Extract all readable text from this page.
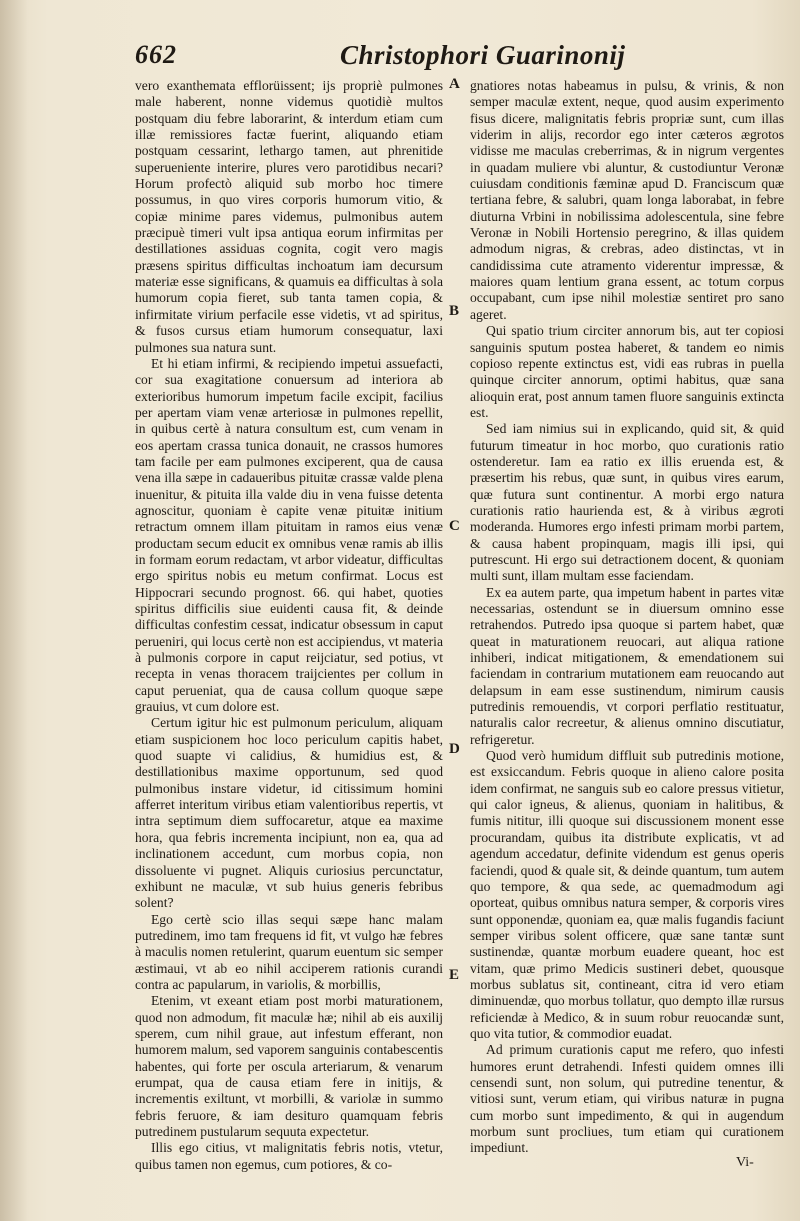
662	Christophori Guarinonij

vero exanthemata efflorüissent; ijs propriè pulmones male haberent, nonne videmus quotidiè multos postquam diu febre laborarint, & interdum etiam cum illæ remissiores factæ fuerint, aliquando etiam postquam cessarint, lethargo tamen, aut phrenitide superueniente interire, plures vero parotidibus necari? Horum profectò aliquid sub morbo hoc timere possumus, in quo vires corporis humorum vitio, & copiæ minime pares videmus, pulmonibus autem præcipuè timeri vult ipsa antiqua eorum infirmitas per destillationes assiduas cognita, cogit vero magis præsens spiritus difficultas inchoatum iam decursum materiæ esse significans, & quamuis ea difficultas à sola humorum copia fieret, sub tanta tamen copia, & infirmitate virium perfacile esse videtis, vt ad spiritus, & fusos cursus etiam humorum consequatur, laxi pulmones sua natura sunt.

Et hi etiam infirmi, & recipiendo impetui assuefacti, cor sua exagitatione conuersum ad interiora ab exterioribus humorum impetum facile excipit, facilius per apertam viam venæ arteriosæ in pulmones repellit, in quibus certè à natura consultum est, cum venam in eos apertam crassa tunica donauit, ne crassos humores tam facile per eam pulmones exciperent, qua de causa vena illa sæpe in cadaueribus pituitæ crassæ valde plena inuenitur, & pituita illa valde diu in vena fuisse detenta agnoscitur, quoniam è capite venæ pituitæ initium retractum omnem illam pituitam in ramos eius venæ productam secum educit ex omnibus venæ ramis ab illis in formam eorum redactam, vt arbor videatur, difficultas ergo spiritus nobis eu metum confirmat. Locus est Hippocrari secundo prognost. 66. qui habet, quoties spiritus difficilis siue euidenti causa fit, & deinde difficultas confestim cessat, indicatur obsessum in caput perueniri, qui locus certè non est accipiendus, vt materia à pulmonis corpore in caput reijciatur, sed potius, vt recepta in venas thoracem traijcientes per collum in caput perueniat, qua de causa collum quoque sæpe grauius, vt cum dolore est.

Certum igitur hic est pulmonum periculum, aliquam etiam suspicionem hoc loco periculum capitis habet, quod suapte vi calidius, & humidius est, & destillationibus maxime opportunum, sed quod pulmonibus instare videtur, id citissimum homini afferret interitum viribus etiam valentioribus repertis, vt intra septimum diem suffocaretur, atque ea maxime hora, qua febris incrementa incipiunt, non ea, qua ad inclinationem accedunt, cum morbus copia, non dissoluente vi pugnet. Aliquis curiosius percunctatur, exhibunt ne maculæ, vt sub huius generis febribus solent?

Ego certè scio illas sequi sæpe hanc malam putredinem, imo tam frequens id fit, vt vulgo hæ febres à maculis nomen retulerint, quarum euentum sic semper æstimaui, vt ab eo nihil acciperem rationis curandi contra ac papularum, in variolis, & morbillis,

Etenim, vt exeant etiam post morbi maturationem, quod non admodum, fit maculæ hæ; nihil ab eis auxilij sperem, cum nihil graue, aut infestum efferant, non humorem malum, sed vaporem sanguinis contabescentis habentes, qui forte per oscula arteriarum, & venarum erumpat, qua de causa etiam fere in initijs, & incrementis exiltunt, vt morbilli, & variolæ in summo febris feruore, & iam desituro quamquam febris putredinem pustularum sequuta expectetur.

Illis ego citius, vt malignitatis febris notis, vtetur, quibus tamen non egemus, cum potiores, & co-

gnatiores notas habeamus in pulsu, & vrinis, & non semper maculæ extent, neque, quod ausim experimento fisus dicere, malignitatis febris propriæ sunt, cum illas viderim in alijs, recordor ego inter cæteros ægrotos vidisse me maculas creberrimas, & in nigrum vergentes in quadam muliere vbi aluntur, & custodiuntur Veronæ cuiusdam conditionis fæminæ apud D. Franciscum quæ tertiana febre, & salubri, quam longa laborabat, in febre diuturna Vrbini in nobilissima adolescentula, sine febre Veronæ in Nobili Hortensio peregrino, & illas quidem admodum nigras, & crebras, adeo distinctas, vt in candidissima cute atramento viderentur impressæ, & maiores quam lentium grana essent, ac totum corpus occupabant, cum ipse nihil molestiæ sentiret pro sano ageret.

Qui spatio trium circiter annorum bis, aut ter copiosi sanguinis sputum postea haberet, & tandem eo nimis copioso repente extinctus est, vidi eas rubras in puella quinque circiter annorum, optimi habitus, quæ sana alioquin erat, post annum tamen fluore sanguinis extincta est.

Sed iam nimius sui in explicando, quid sit, & quid futurum timeatur in hoc morbo, quo curationis ratio ostenderetur. Iam ea ratio ex illis eruenda est, & præsertim his rebus, quæ sunt, in quibus vires earum, quæ futura sunt continentur. A morbi ergo natura curationis ratio haurienda est, & à viribus ægroti moderanda. Humores ergo infesti primam morbi partem, & causa habent propinquam, magis illi ipsi, qui putrescunt. Hi ergo sui detractionem docent, & quoniam multi sunt, illam multam esse faciendam.

Ex ea autem parte, qua impetum habent in partes vitæ necessarias, ostendunt se in diuersum omnino esse retrahendos. Putredo ipsa quoque si partem habet, quæ queat in maturationem reuocari, aut aliqua ratione inhiberi, indicat mitigationem, & emendationem sui faciendam in contrarium mutationem eam reuocando aut delapsum in eam esse sustinendum, nimirum causis putredinis remouendis, vt corpori perflatio restituatur, naturalis calor recreetur, & alienus omnino discutiatur, refrigeretur.

Quod verò humidum diffluit sub putredinis motione, est exsiccandum. Febris quoque in alieno calore posita idem confirmat, ne sanguis sub eo calore pressus vitietur, qui calor igneus, & alienus, quoniam in halitibus, & fumis nititur, illi quoque sui discussionem monent esse procurandam, quibus ita distribute explicatis, vt ad agendum accedatur, definite videndum est genus operis faciendi, quod & quale sit, & deinde quantum, tum autem quo tempore, & qua sede, ac quemadmodum agi oporteat, quibus omnibus natura semper, & corporis vires sunt opponendæ, quoniam ea, quæ malis fugandis faciunt semper viribus solent officere, quæ sane tantæ sunt sustinendæ, quantæ morbum euadere queant, hoc est vitam, quæ primo Medicis sustineri debet, quousque morbus sublatus sit, contineant, citra id vero etiam diminuendæ, quo morbus tollatur, quo dempto illæ rursus reficiendæ à Medico, & in suum robur reuocandæ sunt, quo vita tutior, & commodior euadat.

Ad primum curationis caput me refero, quo infesti humores erunt detrahendi. Infesti quidem omnes illi censendi sunt, non solum, qui putredine tenentur, & vitiosi sunt, verum etiam, qui viribus naturæ in pugna cum morbo sunt impedimento, & qui in augendum morbum sunt procliues, tum etiam qui curationem impediunt.

A
B
C
D
E
Vi-
